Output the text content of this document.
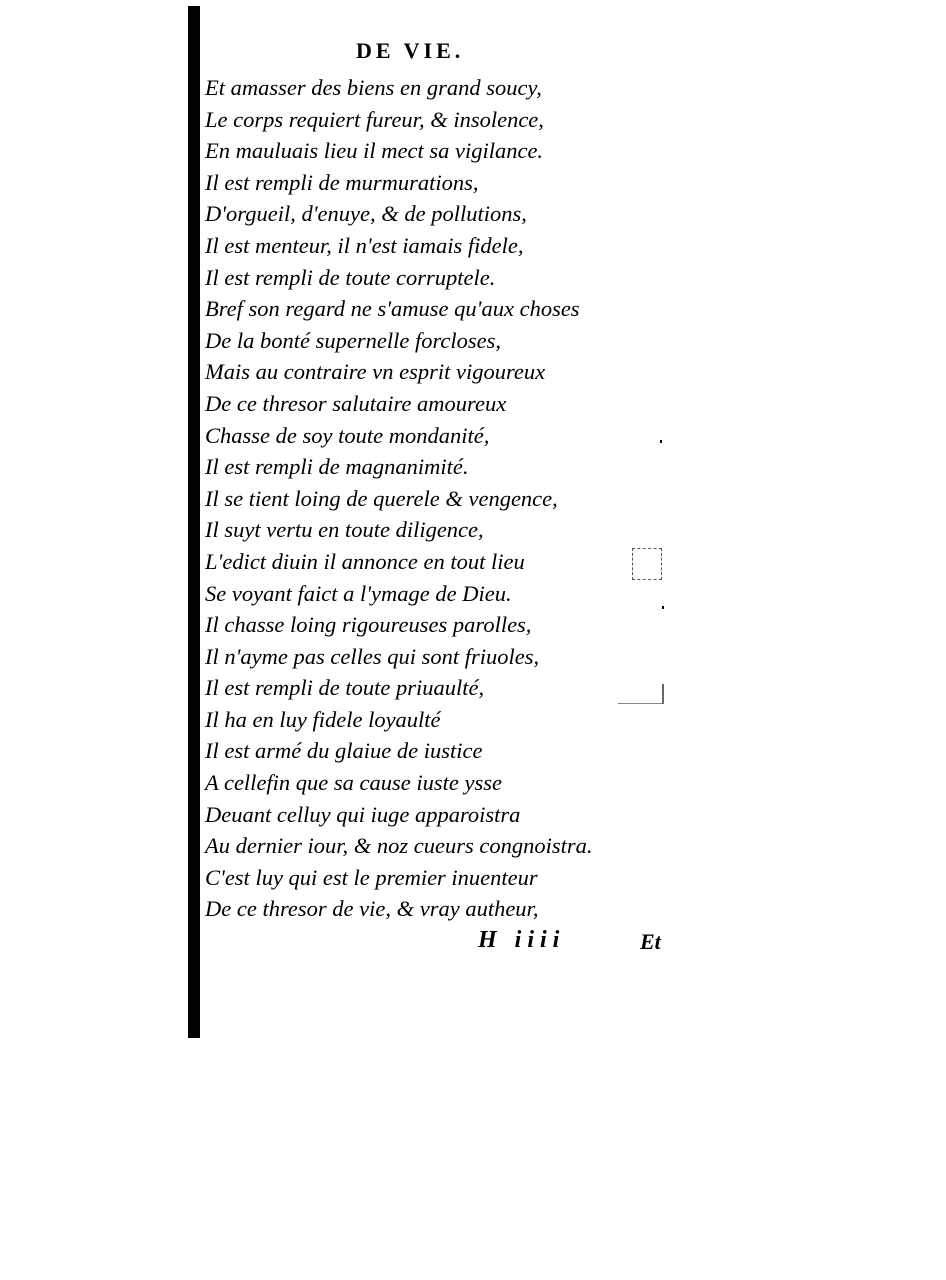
DE VIE.
Et amasser des biens en grand soucy,
Le corps requiert fureur, & insolence,
En mauluais lieu il mect sa vigilance.
Il est rempli de murmurations,
D'orgueil, d'enuye, & de pollutions,
Il est menteur, il n'est iamais fidele,
Il est rempli de toute corruptele.
Bref son regard ne s'amuse qu'aux choses
De la bonté supernelle forcloses,
Mais au contraire vn esprit vigoureux
De ce thresor salutaire amoureux
Chasse de soy toute mondanité,
Il est rempli de magnanimité.
Il se tient loing de querele & vengence,
Il suyt vertu en toute diligence,
L'edict diuin il annonce en tout lieu
Se voyant faict a l'ymage de Dieu.
Il chasse loing rigoureuses parolles,
Il n'ayme pas celles qui sont friuoles,
Il est rempli de toute priuaulté,
Il ha en luy fidele loyaulté
Il est armé du glaiue de iustice
A cellefin que sa cause iuste ysse
Deuant celluy qui iuge apparoistra
Au dernier iour, & noz cueurs congnoistra.
C'est luy qui est le premier inuenteur
De ce thresor de vie, & vray autheur,
H iiii	Et
